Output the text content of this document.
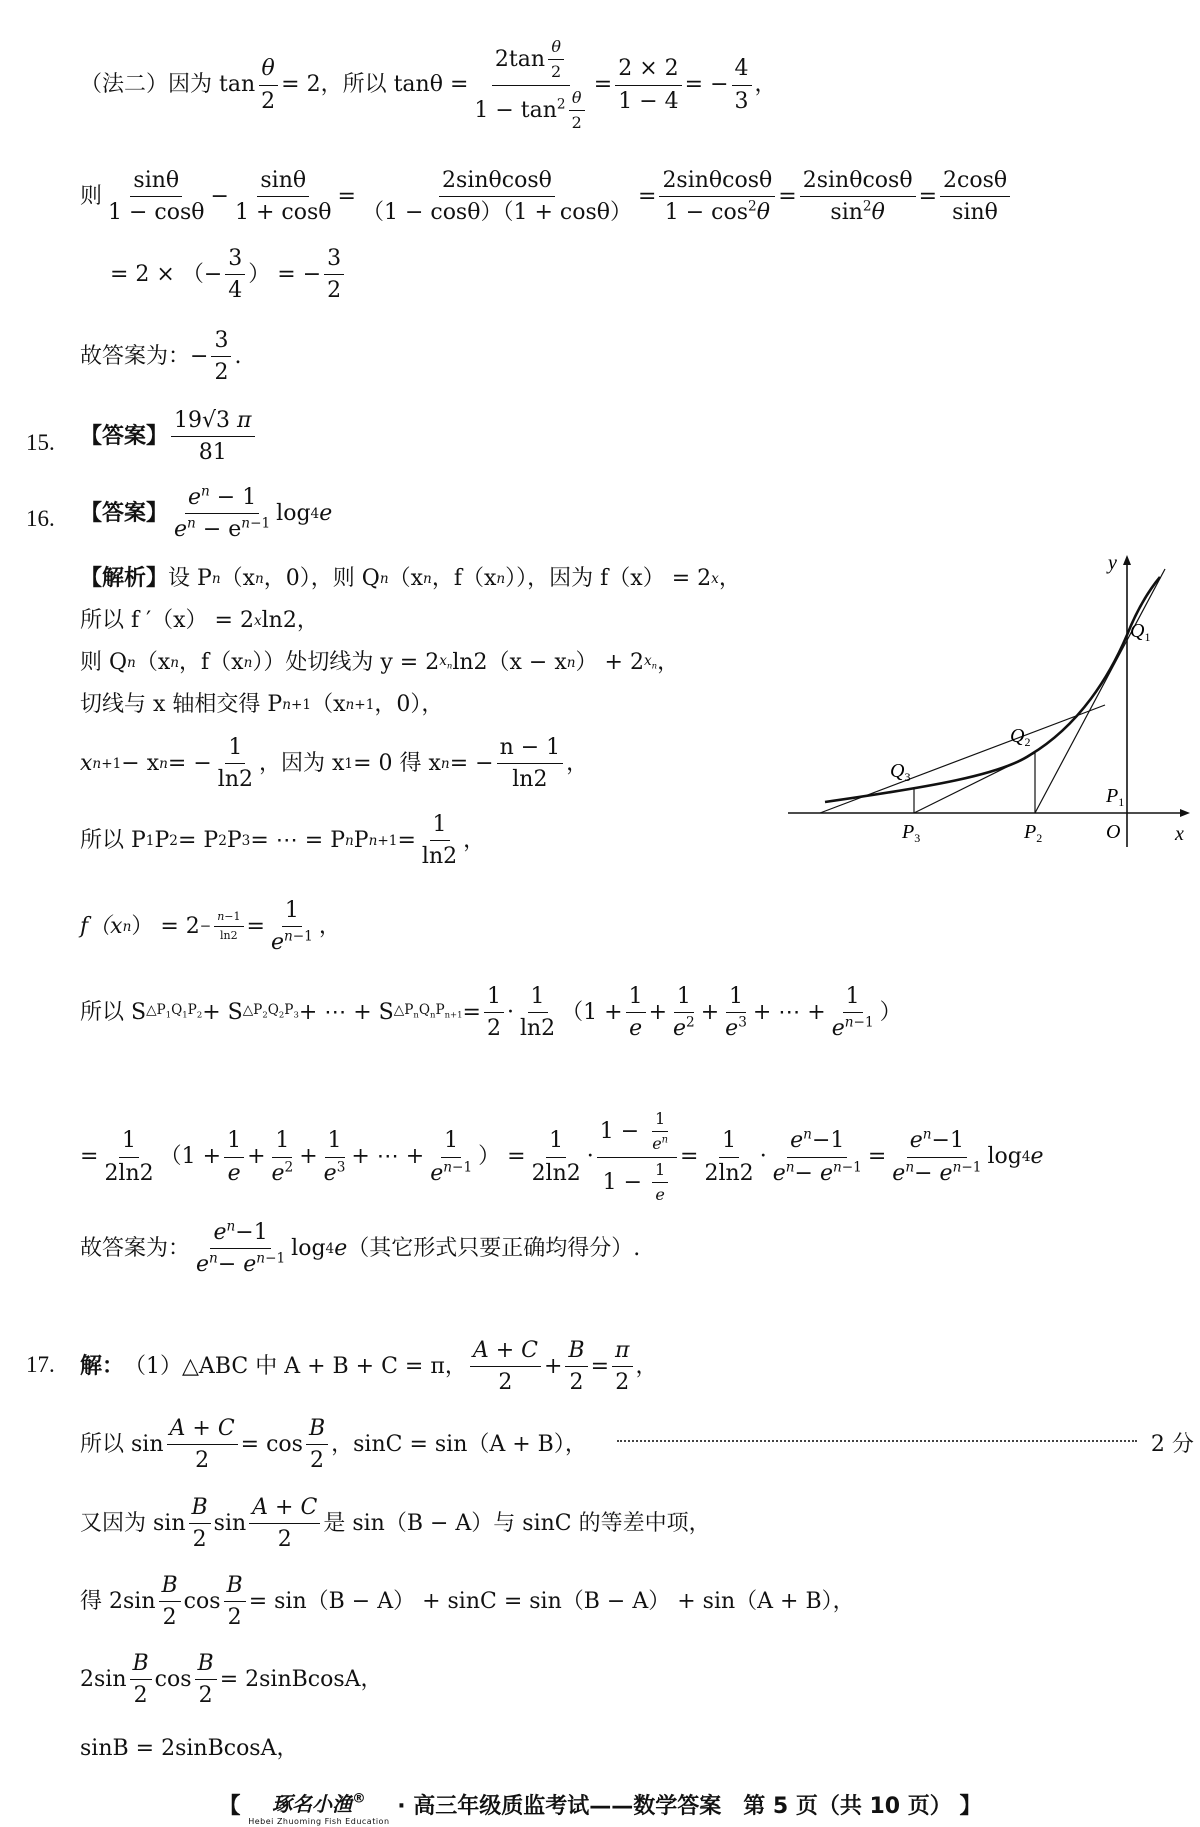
（法二）因为
$\tan \frac{\theta}{2} = 2$，所以 $\tan\theta = \frac{2\tan \frac{\theta}{2}}{1 - \tan^2 \frac{\theta}{2}} = \frac{2 \times 2}{1 - 4}$ = − $\frac{4}{3}$ ，
则
sinθ
1 − cosθ
−
sinθ
1 + cosθ
=
2sinθcosθ
（1 − cosθ）（1 + cosθ）
=
2sinθcosθ
$1 - \cos^2\theta$
=
2sinθcosθ
$\sin^2\theta$
=
2cosθ
sinθ
= 2 × （− $\frac{3}{4}$ ） = − $\frac{3}{2}$
故答案为：− $\frac{3}{2}$ .
15. 【答案】
19√3 π
81
16. 【答案】
$e^n - 1$
$e^n - e^{n-1}$ log 4 e
【解析】 设 P n （x n ，0），则 Q n （x n ，f（x n ）），因为 f（x） = 2 x ，
所以 f ′（x） = 2 x ln2，
则 Q n （x n ，f（x n ））处切线为 y = 2 $x_n$ ln2（x − x n ） + 2 $x_n$ ，
切线与 x 轴相交得 P n+1 （x n+1 ，0），
x n+1 − x n = − $\frac{1}{\ln 2}$ ，因为 x 1 = 0 得 x n = − $\frac{n - 1}{\ln 2}$ ，
所以 P 1 P 2 = P 2 P 3 = ⋯ = P n P $n+1 = \frac{1}{\ln 2}$ ，
f（x n ） = $2 - \frac{n-1}{\ln 2} = \frac{1}{e^{n-1}}$ ，
所以 S $\triangle P_1Q_1P_2 + S$ $\triangle P_2Q_2P_3$ + ⋯ + S $\triangle P_nQ_nP_{n+1} = \frac{1}{2}$ ·
1
ln2
（$1 + \frac{1}{e}$ +
1
$e^2$ +
1
$e^3$ + ⋯ +
1
$e^{n-1}$ ）
= $\frac{1}{2\ln 2} (1$ +
1
e
+
1
$e^2$ +
1
$e^3$ + ⋯ +
1
$e^{n-1}$ ） =
1
2ln2
·
$1 - \frac{1}{e^n}$
$1 - \frac{1}{e}$
=
1
2ln2
·
$e^n-1$
$e^n- e^{n-1}$ =
$e^n-1$
$e^n- e^{n-1}$ log 4 e
故答案为：
$e^n-1$
$e^n- e^{n-1}$ log 4 e （其它形式只要正确均得分）.
x
y
O
$Q_1$
$Q_2$
$Q_3$
$P_1$
$P_2$
$P_3$
17. 解： （1）△ABC 中 A + B + C = π，
A + C
2
+
B
2
=
π
2
，
所以 $\sin \frac{A + C}{2} = \cos$
B
2
，sinC = sin（A + B），	2 分
又因为 sin
B
2
sin
A + C
2
是 sin（B − A）与 sinC 的等差中项，
得 2sin
B
2
$\cos \frac{B}{2} = \sin(B - A) + \sin C = \sin(B - A) + \sin(A + B)$，
2sin
B
2
$\cos \frac{B}{2}$ = 2sinBcosA，
sinB = 2sinBcosA，
【 琢名小渔®
Hebei Zhuoming Fish Education
· 高三年级质监考试——数学答案　第 5 页（共 10 页） 】
